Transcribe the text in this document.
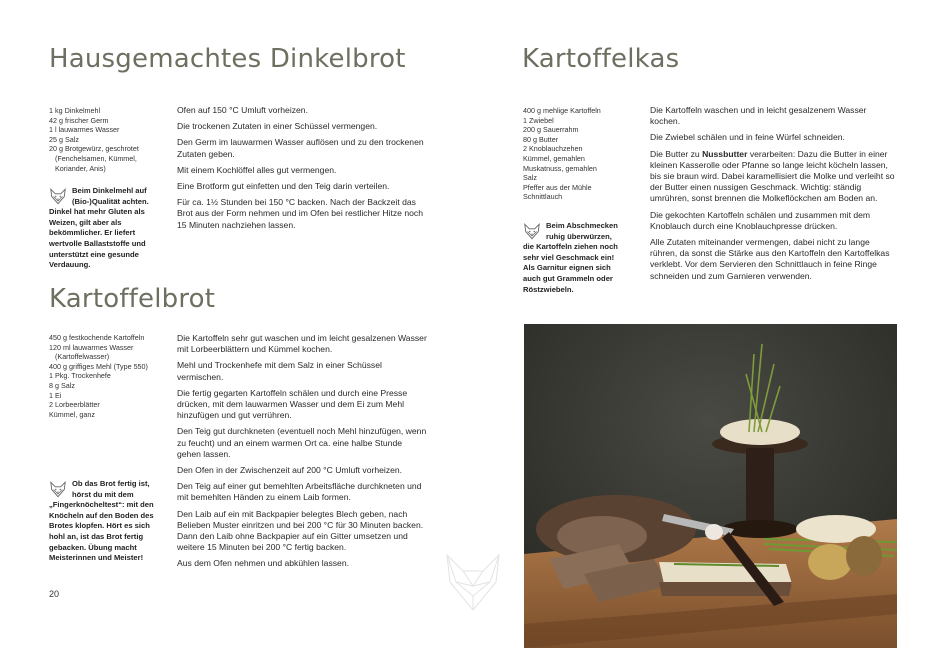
Hausgemachtes Dinkelbrot
1 kg Dinkelmehl
42 g frischer Germ
1 l lauwarmes Wasser
25 g Salz
20 g Brotgewürz, geschrotet
(Fenchelsamen, Kümmel,
Koriander, Anis)
Beim Dinkelmehl auf
(Bio-)Qualität achten.
Dinkel hat mehr Gluten als
Weizen, gilt aber als
bekömmlicher. Er liefert
wertvolle Ballaststoffe und
unterstützt eine gesunde
Verdauung.

Ofen auf 150 °C Umluft vorheizen.

Die trockenen Zutaten in einer Schüssel vermengen.

Den Germ im lauwarmen Wasser auflösen und zu den trockenen Zutaten geben.

Mit einem Kochlöffel alles gut vermengen.

Eine Brotform gut einfetten und den Teig darin verteilen.

Für ca. 1½ Stunden bei 150 °C backen. Nach der Backzeit das Brot aus der Form nehmen und im Ofen bei restlicher Hitze noch 15 Minuten nachziehen lassen.

Kartoffelbrot
450 g festkochende Kartoffeln
120 ml lauwarmes Wasser
(Kartoffelwasser)
400 g griffiges Mehl (Type 550)
1 Pkg. Trockenhefe
8 g Salz
1 Ei
2 Lorbeerblätter
Kümmel, ganz
Ob das Brot fertig ist,
hörst du mit dem
„Fingerknöcheltest“: mit den
Knöcheln auf den Boden des
Brotes klopfen. Hört es sich
hohl an, ist das Brot fertig
gebacken. Übung macht
Meisterinnen und Meister!

Die Kartoffeln sehr gut waschen und im leicht gesalzenen Wasser mit Lorbeerblättern und Kümmel kochen.

Mehl und Trockenhefe mit dem Salz in einer Schüssel vermischen.

Die fertig gegarten Kartoffeln schälen und durch eine Presse drücken, mit dem lauwarmen Wasser und dem Ei zum Mehl hinzufügen und gut verrühren.

Den Teig gut durchkneten (eventuell noch Mehl hinzufügen, wenn zu feucht) und an einem warmen Ort ca. eine halbe Stunde gehen lassen.

Den Ofen in der Zwischenzeit auf 200 °C Umluft vorheizen.

Den Teig auf einer gut bemehlten Arbeitsfläche durchkneten und mit bemehlten Händen zu einem Laib formen.

Den Laib auf ein mit Backpapier belegtes Blech geben, nach Belieben Muster einritzen und bei 200 °C für 30 Minuten backen. Dann den Laib ohne Backpapier auf ein Gitter umsetzen und weitere 15 Minuten bei 200 °C fertig backen.

Aus dem Ofen nehmen und abkühlen lassen.

20
Kartoffelkas
400 g mehlige Kartoffeln
1 Zwiebel
200 g Sauerrahm
80 g Butter
2 Knoblauchzehen
Kümmel, gemahlen
Muskatnuss, gemahlen
Salz
Pfeffer aus der Mühle
Schnittlauch
Beim Abschmecken
ruhig überwürzen,
die Kartoffeln ziehen noch
sehr viel Geschmack ein!
Als Garnitur eignen sich
auch gut Grammeln oder
Röstzwiebeln.

Die Kartoffeln waschen und in leicht gesalzenem Wasser kochen.

Die Zwiebel schälen und in feine Würfel schneiden.

Die Butter zu Nussbutter verarbeiten: Dazu die Butter in einer kleinen Kasserolle oder Pfanne so lange leicht köcheln lassen, bis sie braun wird. Dabei karamellisiert die Molke und verleiht so der Butter einen nussigen Geschmack. Wichtig: ständig umrühren, sonst brennen die Molkeflöckchen am Boden an.

Die gekochten Kartoffeln schälen und zusammen mit dem Knoblauch durch eine Knoblauchpresse drücken.

Alle Zutaten miteinander vermengen, dabei nicht zu lange rühren, da sonst die Stärke aus den Kartoffeln den Kartoffelkas verklebt. Vor dem Servieren den Schnittlauch in feine Ringe schneiden und zum Garnieren verwenden.
